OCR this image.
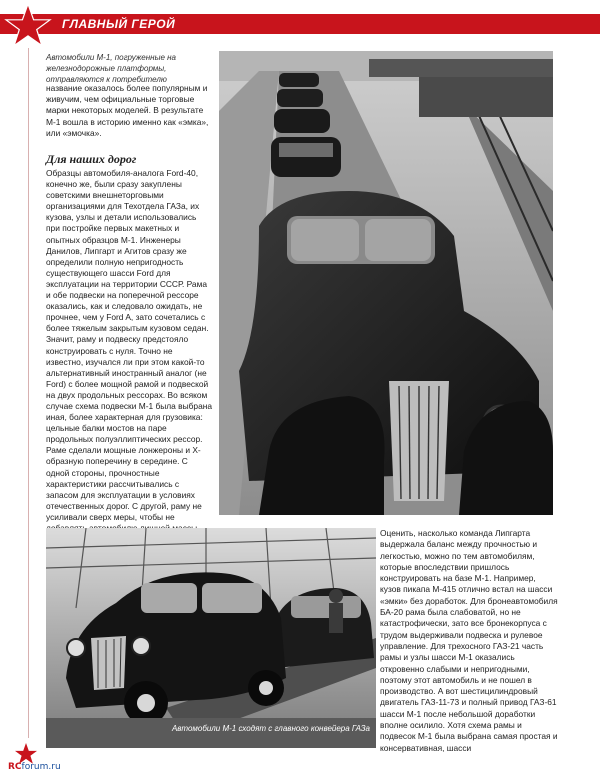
ГЛАВНЫЙ ГЕРОЙ

Автомобили М-1, погруженные на железнодорожные платформы, отправляются к потребителю

название оказалось более популярным и живучим, чем официальные торговые марки некоторых моделей. В результате М-1 вошла в историю именно как «эмка», или «эмочка».

Для наших дорог

Образцы автомобиля-аналога Ford-40, конечно же, были сразу закуплены советскими внешнеторговыми организациями для Техотдела ГАЗа, их кузова, узлы и детали использовались при постройке первых макетных и опытных образцов М-1. Инженеры Данилов, Липгарт и Агитов сразу же определили полную непригодность существующего шасси Ford для эксплуатации на территории СССР. Рама и обе подвески на поперечной рессоре оказались, как и следовало ожидать, не прочнее, чем у Ford A, зато сочетались с более тяжелым закрытым кузовом седан. Значит, раму и подвеску предстояло конструировать с нуля. Точно не известно, изучался ли при этом какой-то альтернативный иностранный аналог (не Ford) с более мощной рамой и подвеской на двух продольных рессорах. Во всяком случае схема подвески М-1 была выбрана иная, более характерная для грузовика: цельные балки мостов на паре продольных полуэллиптических рессор. Раме сделали мощные лонжероны и Х-образную поперечину в середине. С одной стороны, прочностные характеристики рассчитывались с запасом для эксплуатации в условиях отечественных дорог. С другой, раму не усиливали сверх меры, чтобы не

Автомобили М-1 сходят с главного конвейера ГАЗа

Оценить, насколько команда Липгарта выдержала баланс между прочностью и легкостью, можно по тем автомобилям, которые впоследствии пришлось конструировать на базе М-1. Например, кузов пикапа М-415 отлично встал на шасси «эмки» без доработок. Для бронеавтомобиля БА-20 рама была слабоватой, но не катастрофически, зато все бронекорпуса с трудом выдерживали подвеска и рулевое управление. Для трехосного ГАЗ-21 часть рамы и узлы шасси М-1 оказались откровенно слабыми и непригодными, поэтому этот автомобиль и не пошел в производство. А вот шестицилиндровый двигатель ГАЗ-11-73 и полный привод ГАЗ-61 шасси М-1 после небольшой доработки вполне осилило. Хотя схема рамы и подвесок М-1 была выбрана самая простая и консервативная, шасси

RCforum.ru
